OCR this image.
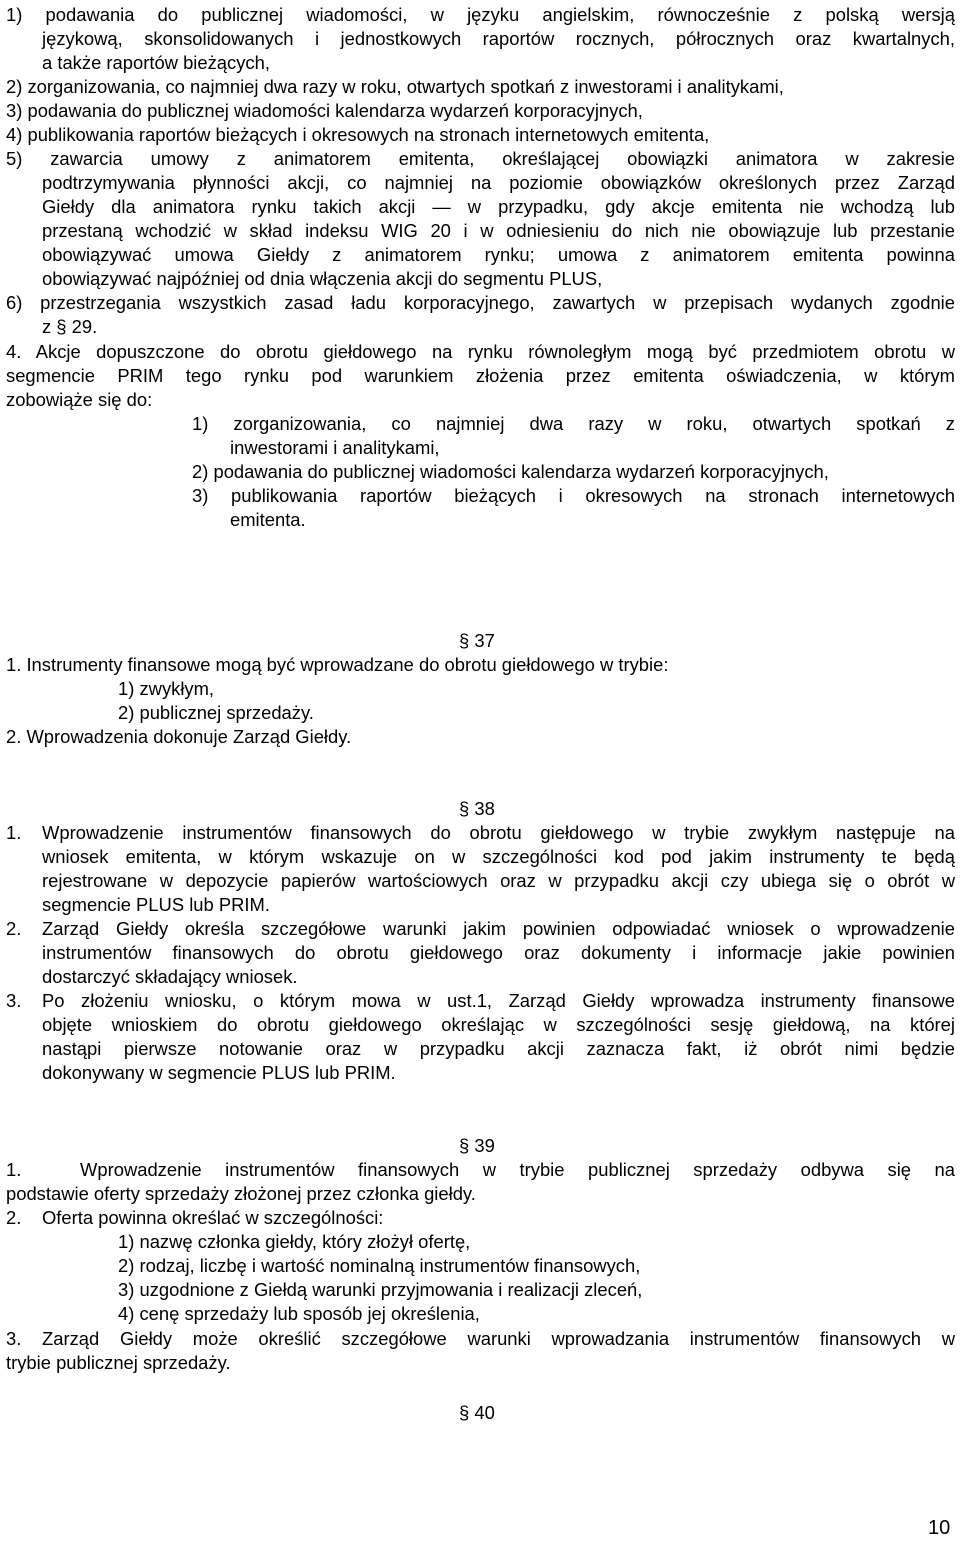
1) podawania do publicznej wiadomości, w języku angielskim, równocześnie z polską wersją
językową, skonsolidowanych i jednostkowych raportów rocznych, półrocznych oraz kwartalnych,
a także raportów bieżących,
2) zorganizowania, co najmniej dwa razy w roku, otwartych spotkań z inwestorami i analitykami,
3) podawania do publicznej wiadomości kalendarza wydarzeń korporacyjnych,
4) publikowania raportów bieżących i okresowych na stronach internetowych emitenta,
5) zawarcia umowy z animatorem emitenta, określającej obowiązki animatora w zakresie
podtrzymywania płynności akcji, co najmniej na poziomie obowiązków określonych przez Zarząd
Giełdy dla animatora rynku takich akcji — w przypadku, gdy akcje emitenta nie wchodzą lub
przestaną wchodzić w skład indeksu WIG 20 i w odniesieniu do nich nie obowiązuje lub przestanie
obowiązywać umowa Giełdy z animatorem rynku; umowa z animatorem emitenta powinna
obowiązywać najpóźniej od dnia włączenia akcji do segmentu PLUS,
6) przestrzegania wszystkich zasad ładu korporacyjnego, zawartych w przepisach wydanych zgodnie
z § 29.
4. Akcje dopuszczone do obrotu giełdowego na rynku równoległym mogą być przedmiotem obrotu w
segmencie PRIM tego rynku pod warunkiem złożenia przez emitenta oświadczenia, w którym
zobowiąże się do:
1) zorganizowania, co najmniej dwa razy w roku, otwartych spotkań z
inwestorami i analitykami,
2) podawania do publicznej wiadomości kalendarza wydarzeń korporacyjnych,
3) publikowania raportów bieżących i okresowych na stronach internetowych
emitenta.
§ 37
1. Instrumenty finansowe mogą być wprowadzane do obrotu giełdowego w trybie:
1) zwykłym,
2) publicznej sprzedaży.
2. Wprowadzenia dokonuje Zarząd Giełdy.
§ 38
1. Wprowadzenie instrumentów finansowych do obrotu giełdowego w trybie zwykłym następuje na
wniosek emitenta, w którym wskazuje on w szczególności kod pod jakim instrumenty te będą
rejestrowane w depozycie papierów wartościowych oraz w przypadku akcji czy ubiega się o obrót w
segmencie PLUS lub PRIM.
2. Zarząd Giełdy określa szczegółowe warunki jakim powinien odpowiadać wniosek o wprowadzenie
instrumentów finansowych do obrotu giełdowego oraz dokumenty i informacje jakie powinien
dostarczyć składający wniosek.
3. Po złożeniu wniosku, o którym mowa w ust.1, Zarząd Giełdy wprowadza instrumenty finansowe
objęte wnioskiem do obrotu giełdowego określając w szczególności sesję giełdową, na której
nastąpi pierwsze notowanie oraz w przypadku akcji zaznacza fakt, iż obrót nimi będzie
dokonywany w segmencie PLUS lub PRIM.
§ 39
1.	Wprowadzenie instrumentów finansowych w trybie publicznej sprzedaży odbywa się na
podstawie oferty sprzedaży złożonej przez członka giełdy.
2. Oferta powinna określać w szczególności:
1) nazwę członka giełdy, który złożył ofertę,
2) rodzaj, liczbę i wartość nominalną instrumentów finansowych,
3) uzgodnione z Giełdą warunki przyjmowania i realizacji zleceń,
4) cenę sprzedaży lub sposób jej określenia,
3. Zarząd Giełdy może określić szczegółowe warunki wprowadzania instrumentów finansowych w
trybie publicznej sprzedaży.
§ 40
10
